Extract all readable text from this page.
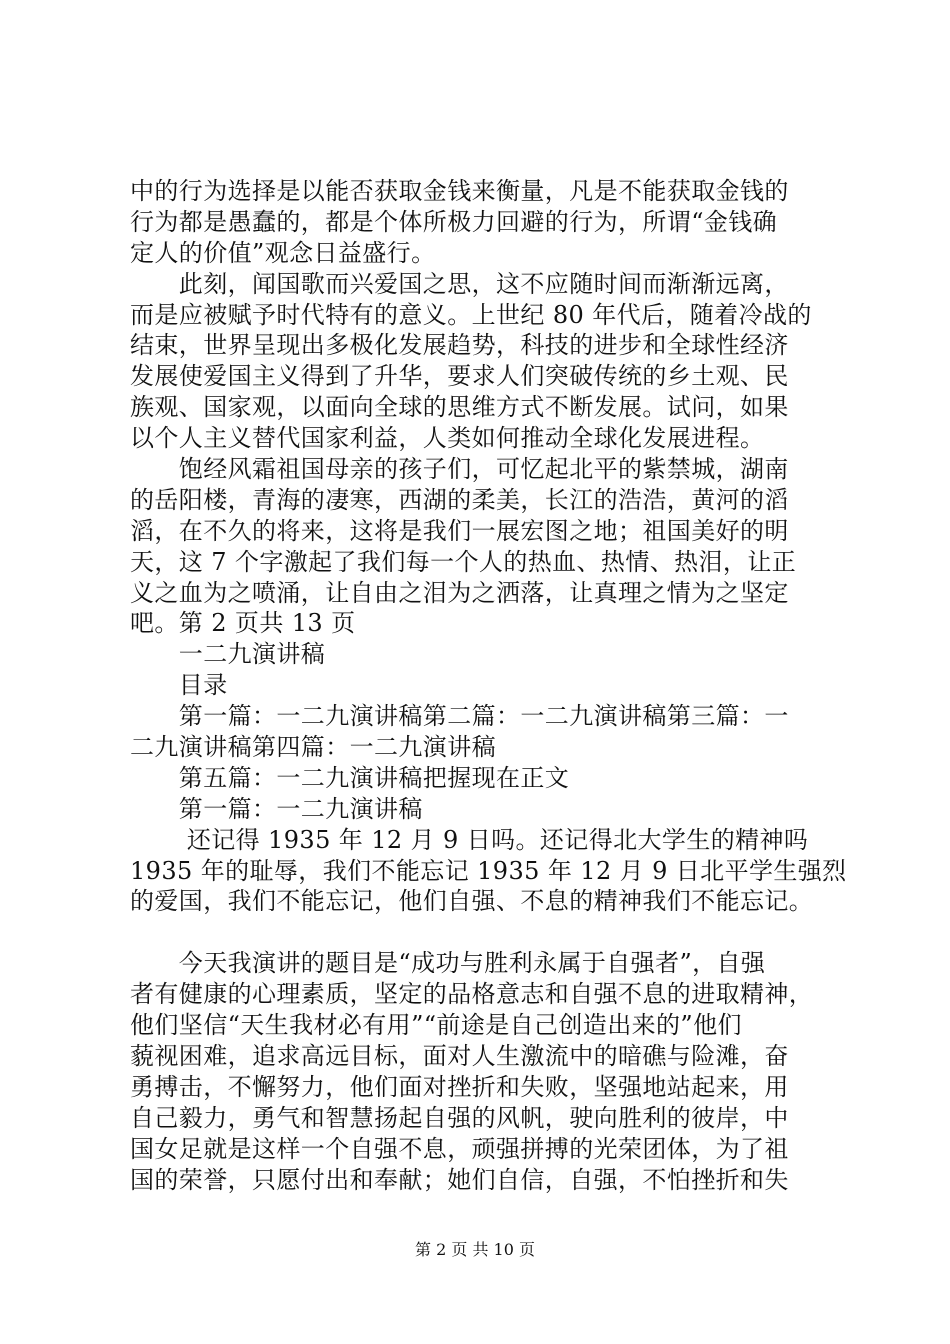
中的行为选择是以能否获取金钱来衡量，凡是不能获取金钱的
行为都是愚蠢的，都是个体所极力回避的行为，所谓“金钱确
定人的价值”观念日益盛行。
　　此刻，闻国歌而兴爱国之思，这不应随时间而渐渐远离，
而是应被赋予时代特有的意义。上世纪 80 年代后，随着冷战的
结束，世界呈现出多极化发展趋势，科技的进步和全球性经济
发展使爱国主义得到了升华，要求人们突破传统的乡土观、民
族观、国家观，以面向全球的思维方式不断发展。试问，如果
以个人主义替代国家利益，人类如何推动全球化发展进程。
　　饱经风霜祖国母亲的孩子们，可忆起北平的紫禁城，湖南
的岳阳楼，青海的凄寒，西湖的柔美，长江的浩浩，黄河的滔
滔，在不久的将来，这将是我们一展宏图之地；祖国美好的明
天，这 7 个字激起了我们每一个人的热血、热情、热泪，让正
义之血为之喷涌，让自由之泪为之洒落，让真理之情为之坚定
吧。第 2 页共 13 页
　　一二九演讲稿
　　目录
　　第一篇：一二九演讲稿第二篇：一二九演讲稿第三篇：一
二九演讲稿第四篇：一二九演讲稿
　　第五篇：一二九演讲稿把握现在正文
　　第一篇：一二九演讲稿
　　 还记得 1935 年 12 月 9 日吗。还记得北大学生的精神吗
1935 年的耻辱，我们不能忘记 1935 年 12 月 9 日北平学生强烈
的爱国，我们不能忘记，他们自强、不息的精神我们不能忘记。
　　今天我演讲的题目是“成功与胜利永属于自强者”，自强
者有健康的心理素质，坚定的品格意志和自强不息的进取精神，
他们坚信“天生我材必有用”“前途是自己创造出来的”他们
藐视困难，追求高远目标，面对人生激流中的暗礁与险滩，奋
勇搏击，不懈努力，他们面对挫折和失败，坚强地站起来，用
自己毅力，勇气和智慧扬起自强的风帆，驶向胜利的彼岸，中
国女足就是这样一个自强不息，顽强拼搏的光荣团体，为了祖
国的荣誉，只愿付出和奉献；她们自信，自强，不怕挫折和失
第 2 页 共 10 页
